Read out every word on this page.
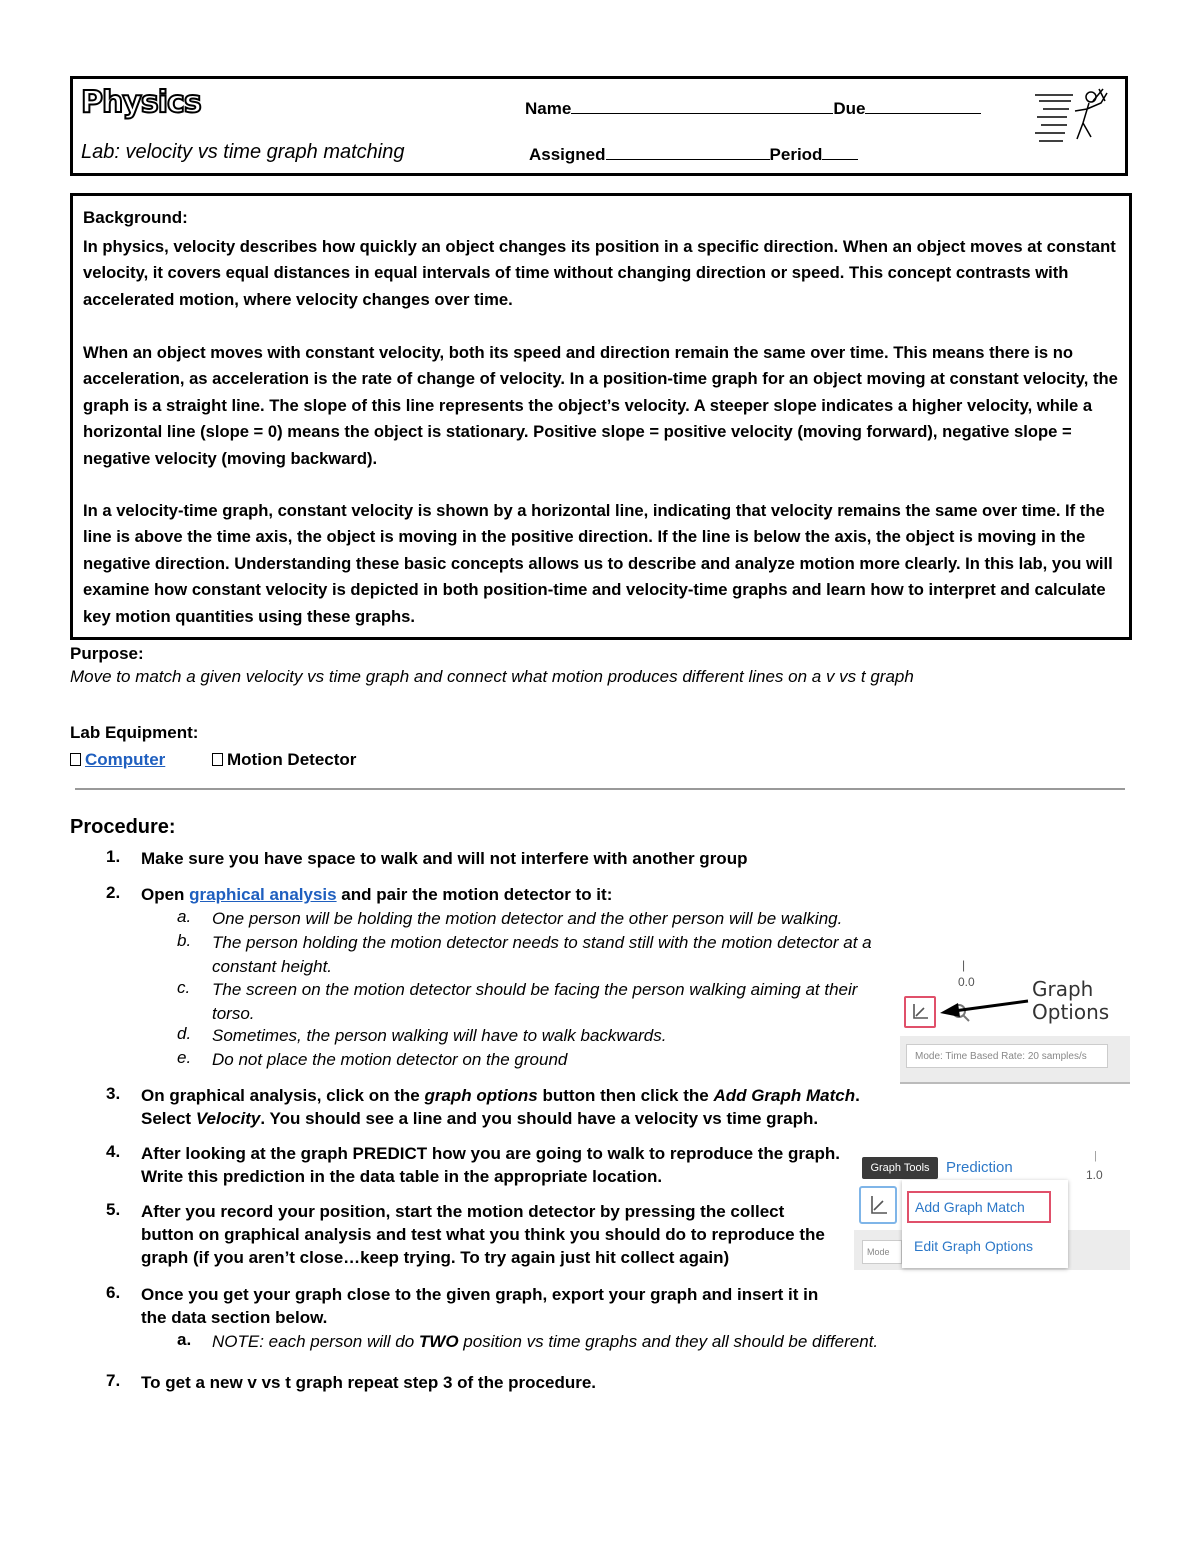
Physics
Lab: velocity vs time graph matching
Name	Due
Assigned	Period
Background:
In physics, velocity describes how quickly an object changes its position in a specific direction. When an object moves at constant velocity, it covers equal distances in equal intervals of time without changing direction or speed. This concept contrasts with accelerated motion, where velocity changes over time.
When an object moves with constant velocity, both its speed and direction remain the same over time. This means there is no acceleration, as acceleration is the rate of change of velocity. In a position-time graph for an object moving at constant velocity, the graph is a straight line. The slope of this line represents the object’s velocity. A steeper slope indicates a higher velocity, while a horizontal line (slope = 0) means the object is stationary. Positive slope = positive velocity (moving forward), negative slope = negative velocity (moving backward).
In a velocity-time graph, constant velocity is shown by a horizontal line, indicating that velocity remains the same over time. If the line is above the time axis, the object is moving in the positive direction. If the line is below the axis, the object is moving in the negative direction. Understanding these basic concepts allows us to describe and analyze motion more clearly. In this lab, you will examine how constant velocity is depicted in both position-time and velocity-time graphs and learn how to interpret and calculate key motion quantities using these graphs.
Purpose:
Move to match a given velocity vs time graph and connect what motion produces different lines on a v vs t graph
Lab Equipment:
Computer	Motion Detector
Procedure:
1. Make sure you have space to walk and will not interfere with another group
2. Open graphical analysis and pair the motion detector to it:
a. One person will be holding the motion detector and the other person will be walking.
b. The person holding the motion detector needs to stand still with the motion detector at a constant height.
c. The screen on the motion detector should be facing the person walking aiming at their torso.
d. Sometimes, the person walking will have to walk backwards.
e. Do not place the motion detector on the ground
3. On graphical analysis, click on the graph options button then click the Add Graph Match.
Select Velocity. You should see a line and you should have a velocity vs time graph.
4. After looking at the graph PREDICT how you are going to walk to reproduce the graph. Write this prediction in the data table in the appropriate location.
5. After you record your position, start the motion detector by pressing the collect button on graphical analysis and test what you think you should do to reproduce the graph (if you aren’t close…keep trying. To try again just hit collect again)
6. Once you get your graph close to the given graph, export your graph and insert it in the data section below.
a. NOTE: each person will do TWO position vs time graphs and they all should be different.
7. To get a new v vs t graph repeat step 3 of the procedure.
|
0.0
Mode: Time Based Rate: 20 samples/s
Graph
Options
|
1.0
Graph Tools
Mode
Prediction
Add Graph Match
Edit Graph Options
